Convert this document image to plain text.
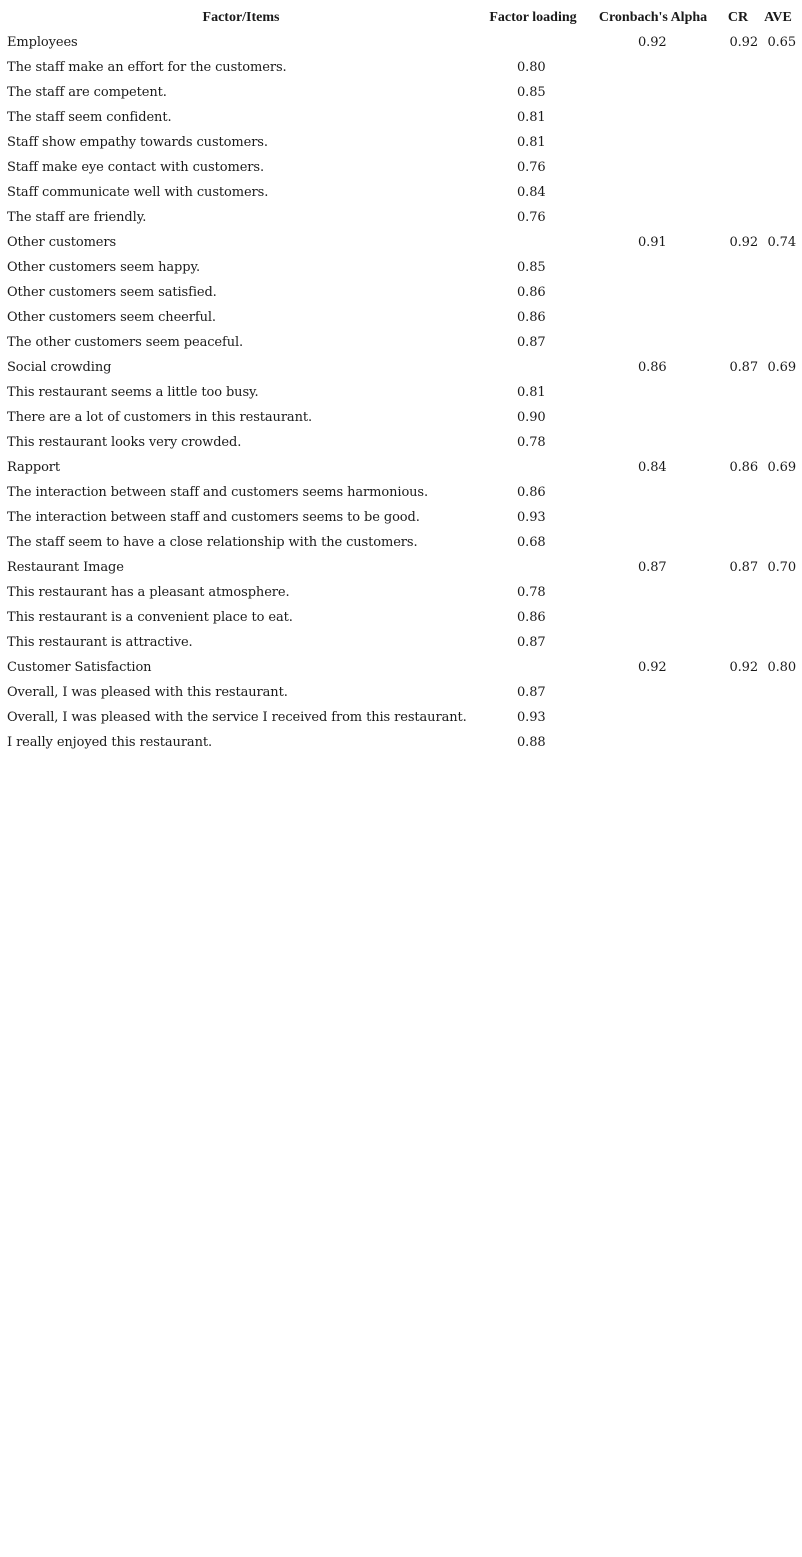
Factor/Items	Factor loading	Cronbach's Alpha	CR	AVE
Employees		0.92	0.92	0.65
The staff make an effort for the customers.	0.80			
The staff are competent.	0.85			
The staff seem confident.	0.81			
Staff show empathy towards customers.	0.81			
Staff make eye contact with customers.	0.76			
Staff communicate well with customers.	0.84			
The staff are friendly.	0.76			
Other customers		0.91	0.92	0.74
Other customers seem happy.	0.85			
Other customers seem satisfied.	0.86			
Other customers seem cheerful.	0.86			
The other customers seem peaceful.	0.87			
Social crowding		0.86	0.87	0.69
This restaurant seems a little too busy.	0.81			
There are a lot of customers in this restaurant.	0.90			
This restaurant looks very crowded.	0.78			
Rapport		0.84	0.86	0.69
The interaction between staff and customers seems harmonious.	0.86			
The interaction between staff and customers seems to be good.	0.93			
The staff seem to have a close relationship with the customers.	0.68			
Restaurant Image		0.87	0.87	0.70
This restaurant has a pleasant atmosphere.	0.78			
This restaurant is a convenient place to eat.	0.86			
This restaurant is attractive.	0.87			
Customer Satisfaction		0.92	0.92	0.80
Overall, I was pleased with this restaurant.	0.87			
Overall, I was pleased with the service I received from this restaurant.	0.93			
I really enjoyed this restaurant.	0.88			
